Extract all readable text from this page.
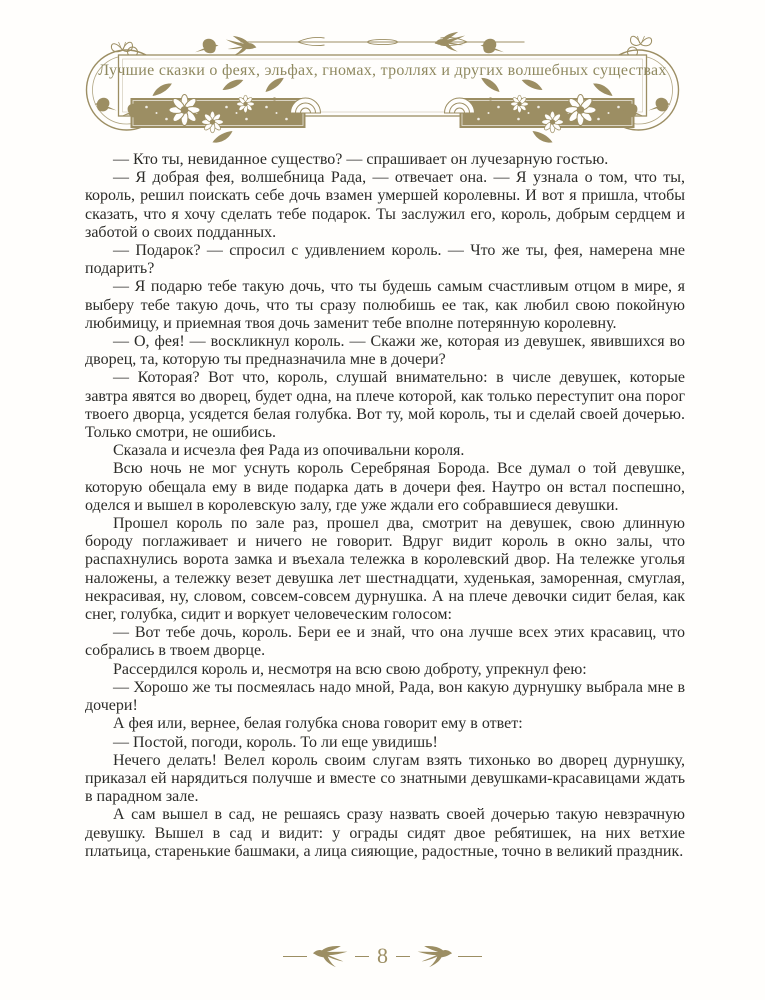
Лучшие сказки о феях, эльфах, гномах, троллях и других волшебных существах

— Кто ты, невиданное существо? — спрашивает он лучезарную гостью.

— Я добрая фея, волшебница Рада, — отвечает она. — Я узнала о том, что ты, король, решил поискать себе дочь взамен умершей королевны. И вот я пришла, чтобы сказать, что я хочу сделать тебе подарок. Ты заслужил его, король, добрым сердцем и заботой о своих подданных.

— Подарок? — спросил с удивлением король. — Что же ты, фея, намерена мне подарить?

— Я подарю тебе такую дочь, что ты будешь самым счастливым отцом в мире, я выберу тебе такую дочь, что ты сразу полюбишь ее так, как любил свою покойную любимицу, и приемная твоя дочь заменит тебе вполне потерянную королевну.

— О, фея! — воскликнул король. — Скажи же, которая из девушек, явившихся во дворец, та, которую ты предназначила мне в дочери?

— Которая? Вот что, король, слушай внимательно: в числе девушек, которые завтра явятся во дворец, будет одна, на плече которой, как только переступит она порог твоего дворца, усядется белая голубка. Вот ту, мой король, ты и сделай своей дочерью. Только смотри, не ошибись.

Сказала и исчезла фея Рада из опочивальни короля.

Всю ночь не мог уснуть король Серебряная Борода. Все думал о той девушке, которую обещала ему в виде подарка дать в дочери фея. Наутро он встал поспешно, оделся и вышел в королевскую залу, где уже ждали его собравшиеся девушки.

Прошел король по зале раз, прошел два, смотрит на девушек, свою длинную бороду поглаживает и ничего не говорит. Вдруг видит король в окно залы, что распахнулись ворота замка и въехала тележка в королевский двор. На тележке уголья наложены, а тележку везет девушка лет шестнадцати, худенькая, заморенная, смуглая, некрасивая, ну, словом, совсем-совсем дурнушка. А на плече девочки сидит белая, как снег, голубка, сидит и воркует человеческим голосом:

— Вот тебе дочь, король. Бери ее и знай, что она лучше всех этих красавиц, что собрались в твоем дворце.

Рассердился король и, несмотря на всю свою доброту, упрекнул фею:

— Хорошо же ты посмеялась надо мной, Рада, вон какую дурнушку выбрала мне в дочери!

А фея или, вернее, белая голубка снова говорит ему в ответ:

— Постой, погоди, король. То ли еще увидишь!

Нечего делать! Велел король своим слугам взять тихонько во дворец дурнушку, приказал ей нарядиться получше и вместе со знатными девушками-красавицами ждать в парадном зале.

А сам вышел в сад, не решаясь сразу назвать своей дочерью такую невзрачную девушку. Вышел в сад и видит: у ограды сидят двое ребятишек, на них ветхие платьица, старенькие башмаки, а лица сияющие, радостные, точно в великий праздник.

8
